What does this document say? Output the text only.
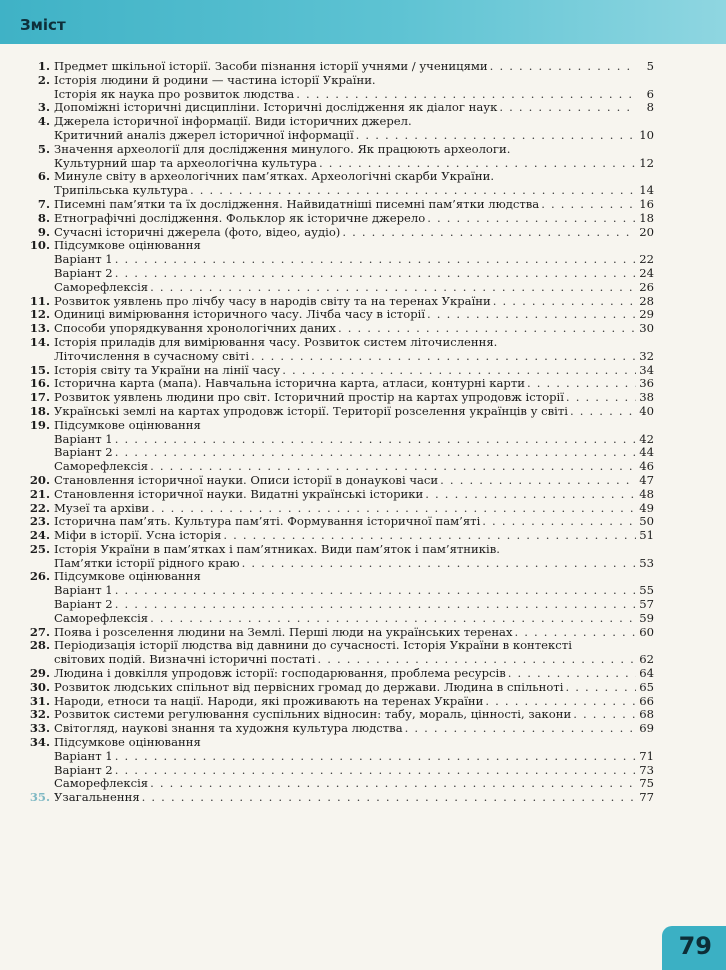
Зміст
1. Предмет шкільної історії. Засоби пізнання історії учнями / ученицями . . .	5
2. Історія людини й родини — частина історії України.
Історія як наука про розвиток людства . . .	6
3. Допоміжні історичні дисципліни. Історичні дослідження як діалог наук . . .	8
4. Джерела історичної інформації. Види історичних джерел.
Критичний аналіз джерел історичної інформації . . .	10
5. Значення археології для дослідження минулого. Як працюють археологи.
Культурний шар та археологічна культура . . .	12
6. Минуле світу в археологічних пам’ятках. Археологічні скарби України.
Трипільська культура . . .	14
7. Писемні пам’ятки та їх дослідження. Найвидатніші писемні пам’ятки людства . . .	16
8. Етнографічні дослідження. Фольклор як історичне джерело . . .	18
9. Сучасні історичні джерела (фото, відео, аудіо) . . .	20
10. Підсумкове оцінювання
Варіант 1 . . .	22
Варіант 2 . . .	24
Саморефлексія . . .	26
11. Розвиток уявлень про лічбу часу в народів світу та на теренах України . . .	28
12. Одиниці вимірювання історичного часу. Лічба часу в історії . . .	29
13. Способи упорядкування хронологічних даних . . .	30
14. Історія приладів для вимірювання часу. Розвиток систем літочислення.
Літочислення в сучасному світі . . .	32
15. Історія світу та України на лінії часу . . .	34
16. Історична карта (мапа). Навчальна історична карта, атласи, контурні карти . . .	36
17. Розвиток уявлень людини про світ. Історичний простір на картах упродовж історії . . .	38
18. Українські землі на картах упродовж історії. Території розселення українців у світі . . .	40
19. Підсумкове оцінювання
Варіант 1 . . .	42
Варіант 2 . . .	44
Саморефлексія . . .	46
20. Становлення історичної науки. Описи історії в донаукові часи . . .	47
21. Становлення історичної науки. Видатні українські історики . . .	48
22. Музеї та архіви . . .	49
23. Історична пам’ять. Культура пам’яті. Формування історичної пам’яті . . .	50
24. Міфи в історії. Усна історія . . .	51
25. Історія України в пам’ятках і пам’ятниках. Види пам’яток і пам’ятників.
Пам’ятки історії рідного краю . . .	53
26. Підсумкове оцінювання
Варіант 1 . . .	55
Варіант 2 . . .	57
Саморефлексія . . .	59
27. Поява і розселення людини на Землі. Перші люди на українських теренах . . .	60
28. Періодизація історії людства від давнини до сучасності. Історія України в контексті
світових подій. Визначні історичні постаті . . .	62
29. Людина і довкілля упродовж історії: господарювання, проблема ресурсів . . .	64
30. Розвиток людських спільнот від первісних громад до держави. Людина в спільноті . . .	65
31. Народи, етноси та нації. Народи, які проживають на теренах України . . .	66
32. Розвиток системи регулювання суспільних відносин: табу, мораль, цінності, закони . . .	68
33. Світогляд, наукові знання та художня культура людства . . .	69
34. Підсумкове оцінювання
Варіант 1 . . .	71
Варіант 2 . . .	73
Саморефлексія . . .	75
35. Узагальнення . . .	77
79
